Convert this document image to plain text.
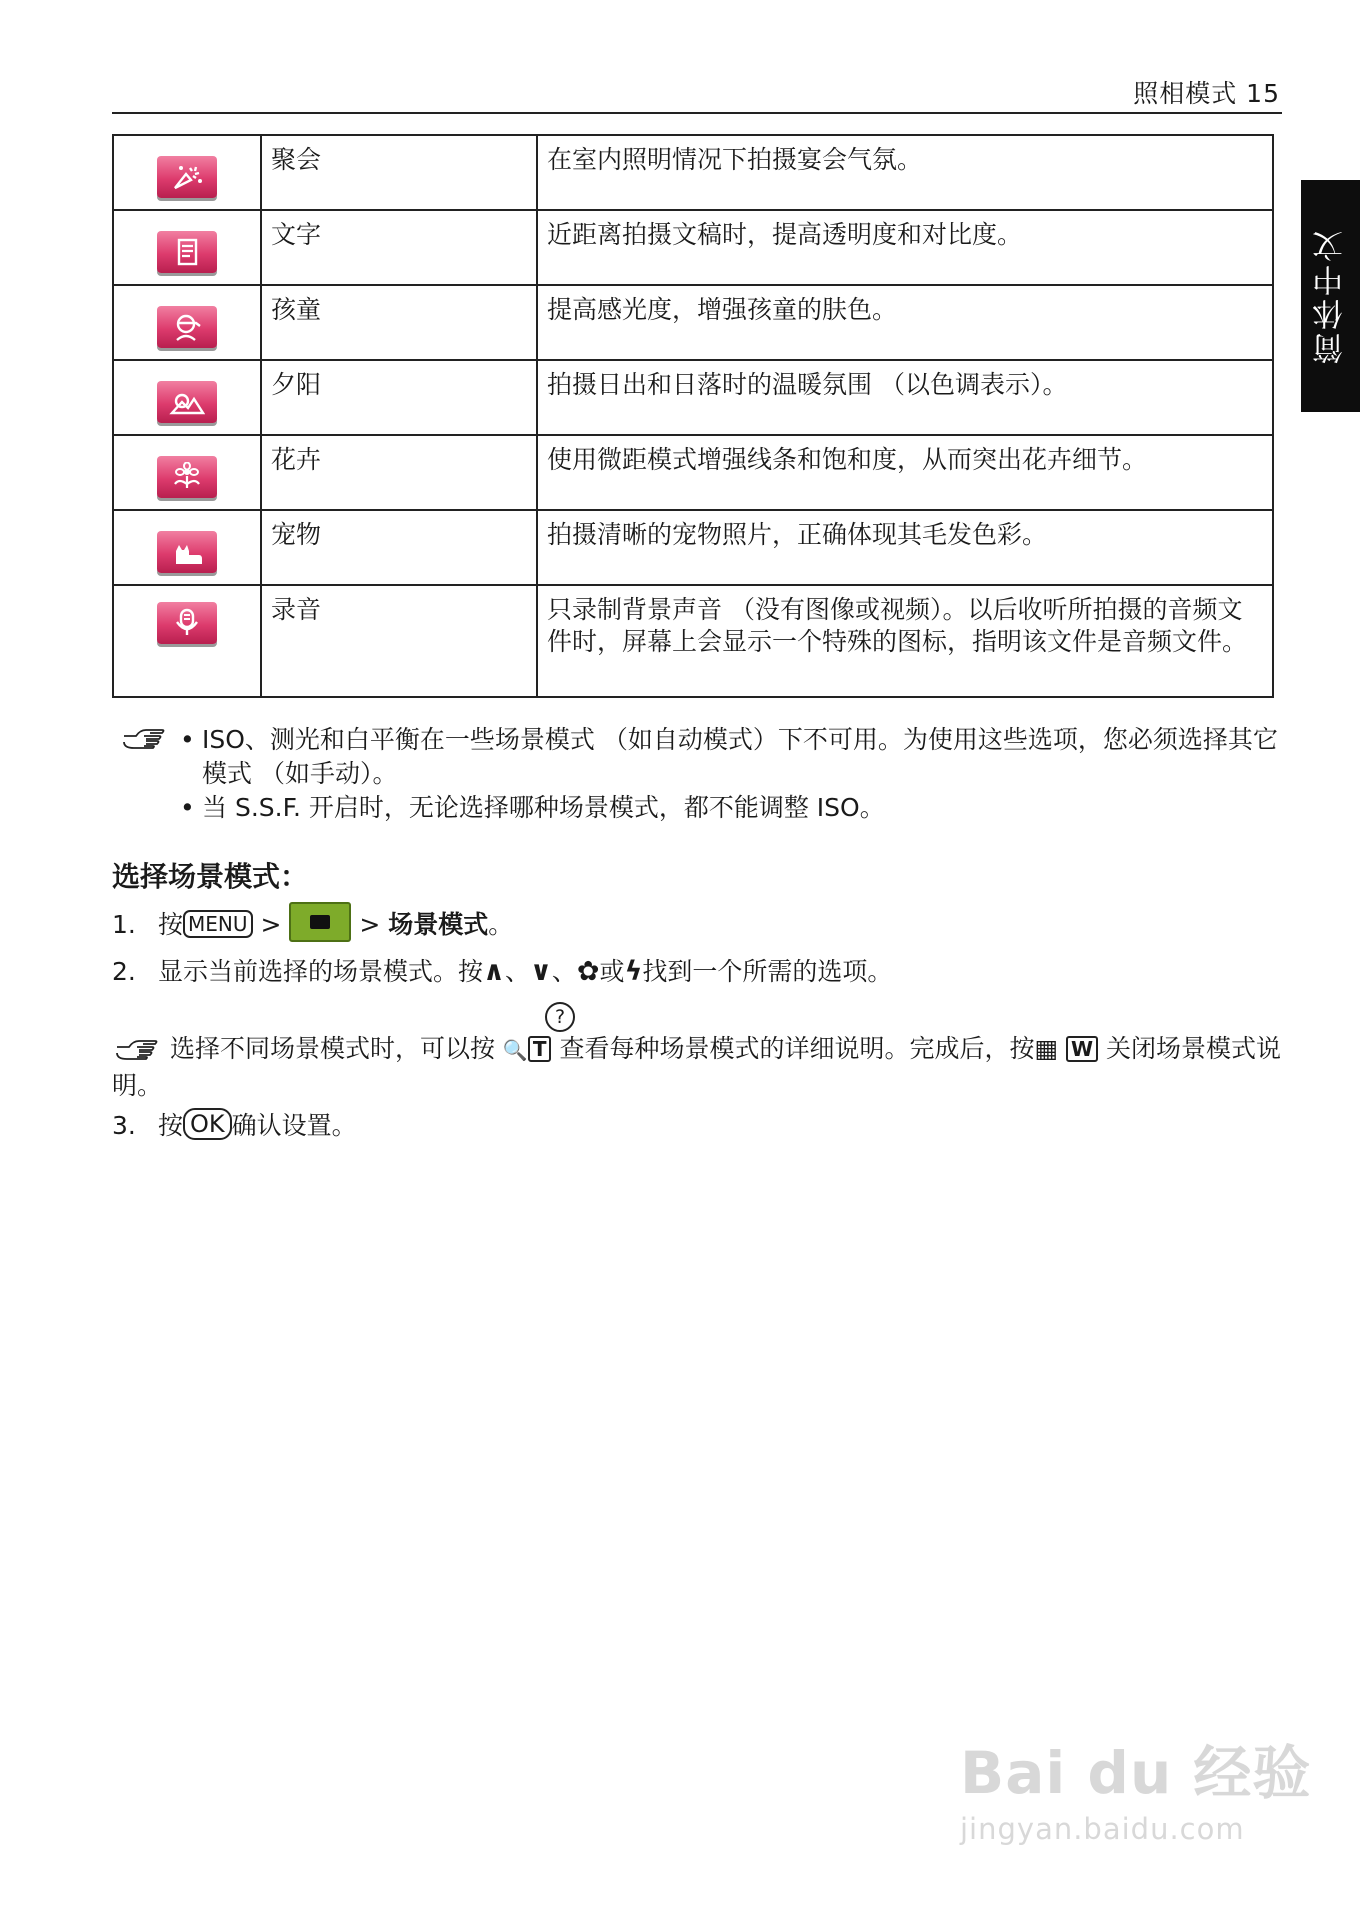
照相模式 15
简体中文
	聚会	在室内照明情况下拍摄宴会气氛。
	文字	近距离拍摄文稿时，提高透明度和对比度。
	孩童	提高感光度，增强孩童的肤色。
	夕阳	拍摄日出和日落时的温暖氛围 （以色调表示）。
	花卉	使用微距模式增强线条和饱和度，从而突出花卉细节。
	宠物	拍摄清晰的宠物照片，正确体现其毛发色彩。
	录音	只录制背景声音 （没有图像或视频）。以后收听所拍摄的音频文件时，屏幕上会显示一个特殊的图标，指明该文件是音频文件。
• ISO、测光和白平衡在一些场景模式 （如自动模式）下不可用。为使用这些选项，您必须选择其它模式 （如手动）。
• 当 S.S.F. 开启时，无论选择哪种场景模式，都不能调整 ISO。
选择场景模式：
1. 按 MENU >	> 场景模式。
2. 显示当前选择的场景模式。按∧、∨、✿或ϟ找到一个所需的选项。
?
选择不同场景模式时，可以按 🔍 T 查看每种场景模式的详细说明。完成后，按▦ W 关闭场景模式说明。
3. 按 OK 确认设置。
Bai du 经验
jingyan.baidu.com
